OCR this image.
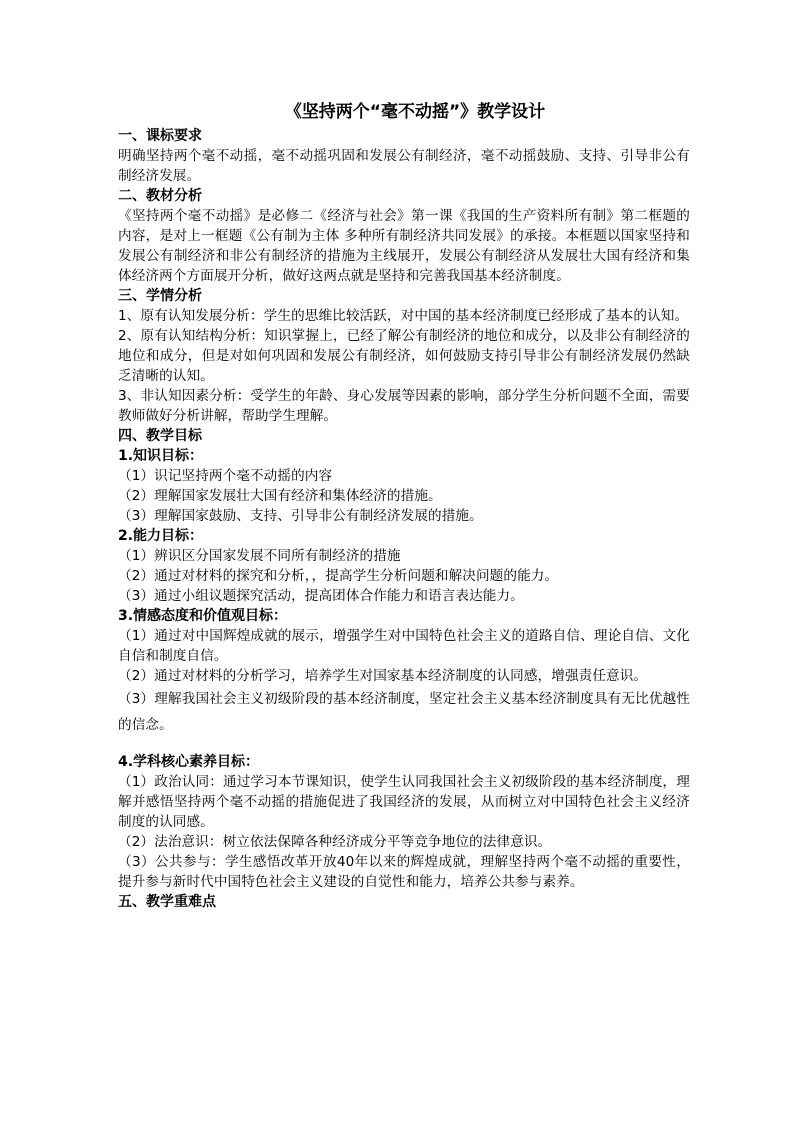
《坚持两个“毫不动摇”》教学设计
一、课标要求
明确坚持两个毫不动摇，毫不动摇巩固和发展公有制经济，毫不动摇鼓励、支持、引导非公有制经济发展。
二、教材分析
《坚持两个毫不动摇》是必修二《经济与社会》第一课《我国的生产资料所有制》第二框题的内容，是对上一框题《公有制为主体 多种所有制经济共同发展》的承接。本框题以国家坚持和发展公有制经济和非公有制经济的措施为主线展开，发展公有制经济从发展壮大国有经济和集体经济两个方面展开分析，做好这两点就是坚持和完善我国基本经济制度。
三、学情分析
1、原有认知发展分析：学生的思维比较活跃，对中国的基本经济制度已经形成了基本的认知。
2、原有认知结构分析：知识掌握上，已经了解公有制经济的地位和成分，以及非公有制经济的地位和成分，但是对如何巩固和发展公有制经济，如何鼓励支持引导非公有制经济发展仍然缺乏清晰的认知。
3、非认知因素分析：受学生的年龄、身心发展等因素的影响，部分学生分析问题不全面，需要教师做好分析讲解，帮助学生理解。
四、教学目标
1.知识目标：
（1）识记坚持两个毫不动摇的内容
（2）理解国家发展壮大国有经济和集体经济的措施。
（3）理解国家鼓励、支持、引导非公有制经济发展的措施。
2.能力目标：
（1）辨识区分国家发展不同所有制经济的措施
（2）通过对材料的探究和分析，，提高学生分析问题和解决问题的能力。
（3）通过小组议题探究活动，提高团体合作能力和语言表达能力。
3.情感态度和价值观目标：
（1）通过对中国辉煌成就的展示，增强学生对中国特色社会主义的道路自信、理论自信、文化自信和制度自信。
（2）通过对材料的分析学习，培养学生对国家基本经济制度的认同感，增强责任意识。
（3）理解我国社会主义初级阶段的基本经济制度，坚定社会主义基本经济制度具有无比优越性的信念。
4.学科核心素养目标：
（1）政治认同：通过学习本节课知识，使学生认同我国社会主义初级阶段的基本经济制度，理解并感悟坚持两个毫不动摇的措施促进了我国经济的发展，从而树立对中国特色社会主义经济制度的认同感。
（2）法治意识：树立依法保障各种经济成分平等竞争地位的法律意识。
（3）公共参与：学生感悟改革开放40年以来的辉煌成就，理解坚持两个毫不动摇的重要性，提升参与新时代中国特色社会主义建设的自觉性和能力，培养公共参与素养。
五、教学重难点
